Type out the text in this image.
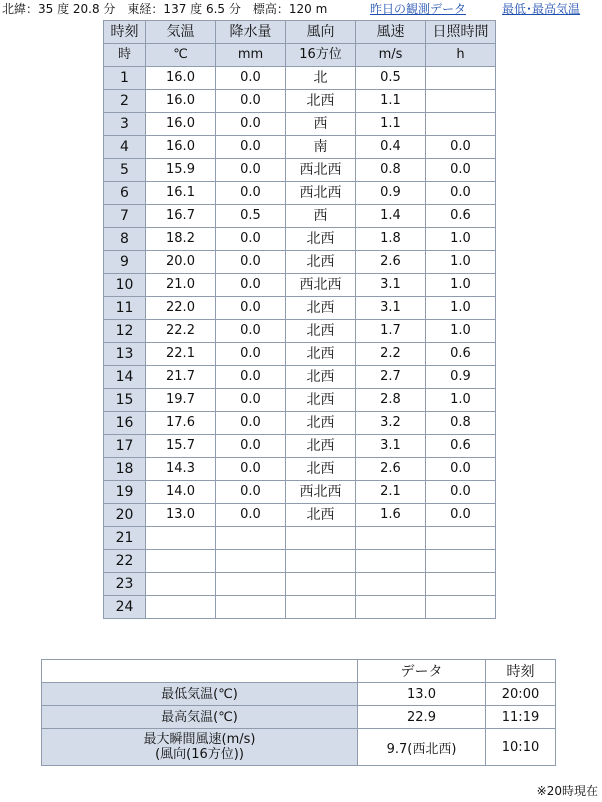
北緯：35 度 20.8 分　東経：137 度 6.5 分　標高：120 m	昨日の観測データ	最低･最高気温
時刻	気温	降水量	風向	風速	日照時間
時	℃	mm	16方位	m/s	h
1	16.0	0.0	北	0.5	
2	16.0	0.0	北西	1.1	
3	16.0	0.0	西	1.1	
4	16.0	0.0	南	0.4	0.0
5	15.9	0.0	西北西	0.8	0.0
6	16.1	0.0	西北西	0.9	0.0
7	16.7	0.5	西	1.4	0.6
8	18.2	0.0	北西	1.8	1.0
9	20.0	0.0	北西	2.6	1.0
10	21.0	0.0	西北西	3.1	1.0
11	22.0	0.0	北西	3.1	1.0
12	22.2	0.0	北西	1.7	1.0
13	22.1	0.0	北西	2.2	0.6
14	21.7	0.0	北西	2.7	0.9
15	19.7	0.0	北西	2.8	1.0
16	17.6	0.0	北西	3.2	0.8
17	15.7	0.0	北西	3.1	0.6
18	14.3	0.0	北西	2.6	0.0
19	14.0	0.0	西北西	2.1	0.0
20	13.0	0.0	北西	1.6	0.0
21					
22					
23					
24					
	データ	時刻
最低気温(℃)	13.0	20:00
最高気温(℃)	22.9	11:19
最大瞬間風速(m/s)
(風向(16方位))	9.7(西北西)	10:10
※20時現在
